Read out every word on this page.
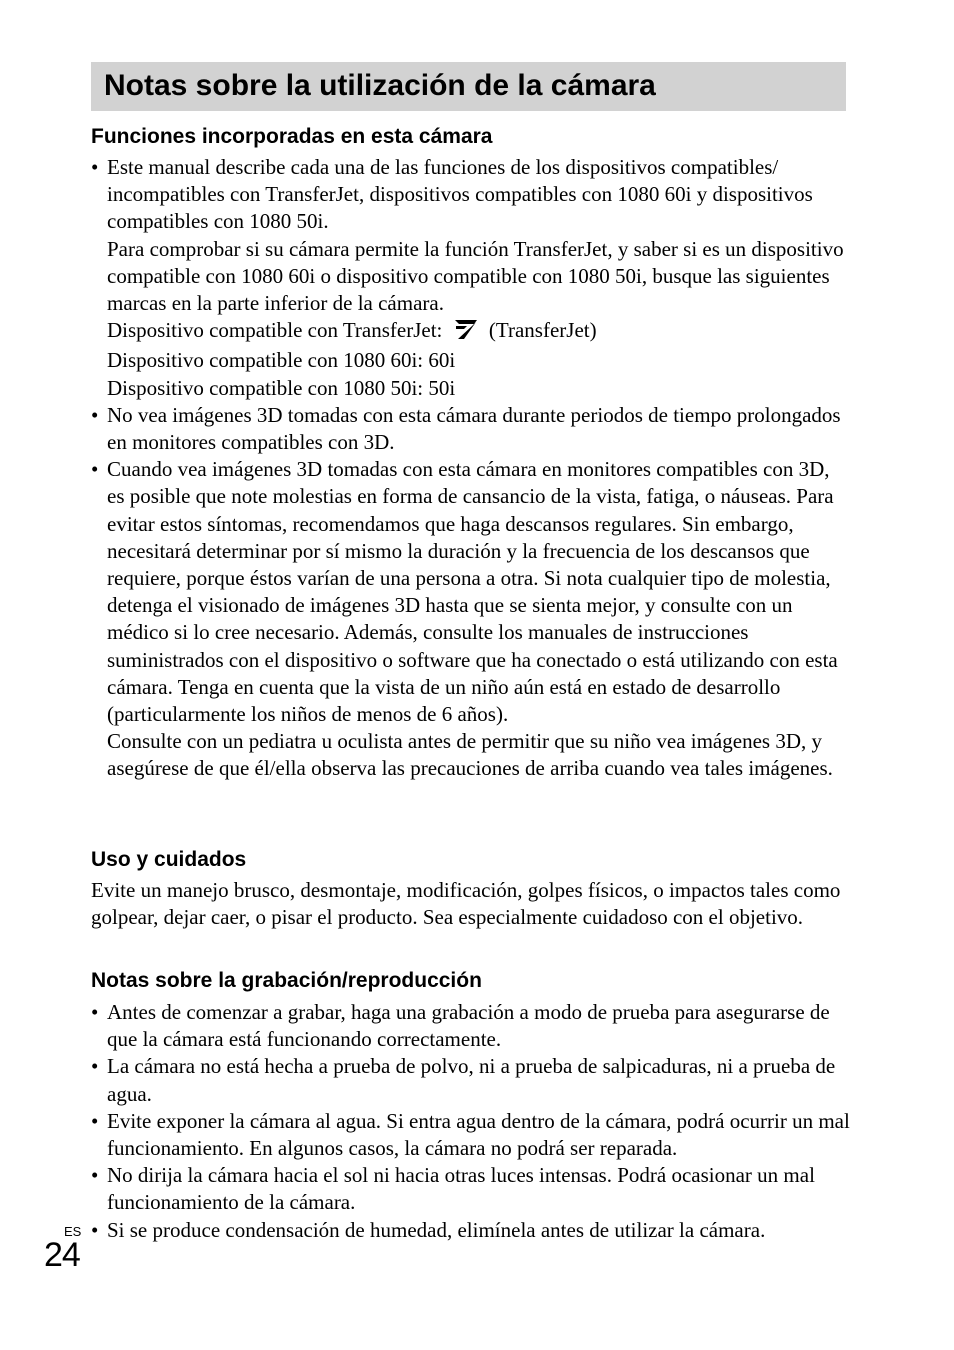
Notas sobre la utilización de la cámara
Funciones incorporadas en esta cámara
• Este manual describe cada una de las funciones de los dispositivos compatibles/ incompatibles con TransferJet, dispositivos compatibles con 1080 60i y dispositivos compatibles con 1080 50i.

Para comprobar si su cámara permite la función TransferJet, y saber si es un dispositivo compatible con 1080 60i o dispositivo compatible con 1080 50i, busque las siguientes marcas en la parte inferior de la cámara.

Dispositivo compatible con TransferJet: (TransferJet)

Dispositivo compatible con 1080 60i: 60i

Dispositivo compatible con 1080 50i: 50i

• No vea imágenes 3D tomadas con esta cámara durante periodos de tiempo prolongados en monitores compatibles con 3D.
• Cuando vea imágenes 3D tomadas con esta cámara en monitores compatibles con 3D, es posible que note molestias en forma de cansancio de la vista, fatiga, o náuseas. Para evitar estos síntomas, recomendamos que haga descansos regulares. Sin embargo, necesitará determinar por sí mismo la duración y la frecuencia de los descansos que requiere, porque éstos varían de una persona a otra. Si nota cualquier tipo de molestia, detenga el visionado de imágenes 3D hasta que se sienta mejor, y consulte con un médico si lo cree necesario. Además, consulte los manuales de instrucciones suministrados con el dispositivo o software que ha conectado o está utilizando con esta cámara. Tenga en cuenta que la vista de un niño aún está en estado de desarrollo (particularmente los niños de menos de 6 años).

Consulte con un pediatra u oculista antes de permitir que su niño vea imágenes 3D, y asegúrese de que él/ella observa las precauciones de arriba cuando vea tales imágenes.

Uso y cuidados

Evite un manejo brusco, desmontaje, modificación, golpes físicos, o impactos tales como golpear, dejar caer, o pisar el producto. Sea especialmente cuidadoso con el objetivo.

Notas sobre la grabación/reproducción
• Antes de comenzar a grabar, haga una grabación a modo de prueba para asegurarse de que la cámara está funcionando correctamente.
• La cámara no está hecha a prueba de polvo, ni a prueba de salpicaduras, ni a prueba de agua.
• Evite exponer la cámara al agua. Si entra agua dentro de la cámara, podrá ocurrir un mal funcionamiento. En algunos casos, la cámara no podrá ser reparada.
• No dirija la cámara hacia el sol ni hacia otras luces intensas. Podrá ocasionar un mal funcionamiento de la cámara.
• Si se produce condensación de humedad, elimínela antes de utilizar la cámara.
ES
24
